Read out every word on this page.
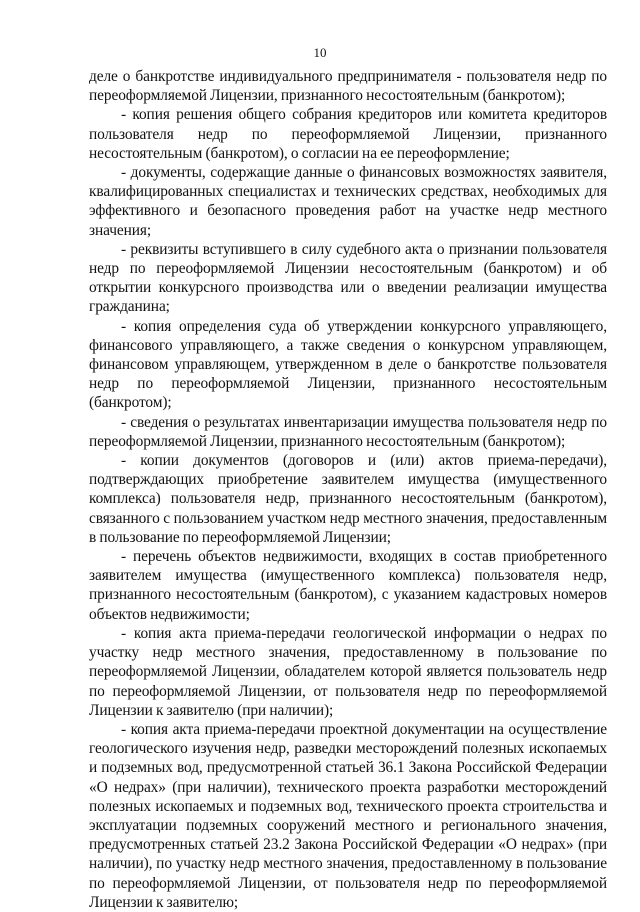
10

деле о банкротстве индивидуального предпринимателя - пользователя недр по переоформляемой Лицензии, признанного несостоятельным (банкротом);

- копия решения общего собрания кредиторов или комитета кредиторов пользователя недр по переоформляемой Лицензии, признанного несостоятельным (банкротом), о согласии на ее переоформление;

- документы, содержащие данные о финансовых возможностях заявителя, квалифицированных специалистах и технических средствах, необходимых для эффективного и безопасного проведения работ на участке недр местного значения;

- реквизиты вступившего в силу судебного акта о признании пользователя недр по переоформляемой Лицензии несостоятельным (банкротом) и об открытии конкурсного производства или о введении реализации имущества гражданина;

- копия определения суда об утверждении конкурсного управляющего, финансового управляющего, а также сведения о конкурсном управляющем, финансовом управляющем, утвержденном в деле о банкротстве пользователя недр по переоформляемой Лицензии, признанного несостоятельным (банкротом);

- сведения о результатах инвентаризации имущества пользователя недр по переоформляемой Лицензии, признанного несостоятельным (банкротом);

- копии документов (договоров и (или) актов приема-передачи), подтверждающих приобретение заявителем имущества (имущественного комплекса) пользователя недр, признанного несостоятельным (банкротом), связанного с пользованием участком недр местного значения, предоставленным в пользование по переоформляемой Лицензии;

- перечень объектов недвижимости, входящих в состав приобретенного заявителем имущества (имущественного комплекса) пользователя недр, признанного несостоятельным (банкротом), с указанием кадастровых номеров объектов недвижимости;

- копия акта приема-передачи геологической информации о недрах по участку недр местного значения, предоставленному в пользование по переоформляемой Лицензии, обладателем которой является пользователь недр по переоформляемой Лицензии, от пользователя недр по переоформляемой Лицензии к заявителю (при наличии);

- копия акта приема-передачи проектной документации на осуществление геологического изучения недр, разведки месторождений полезных ископаемых и подземных вод, предусмотренной статьей 36.1 Закона Российской Федерации «О недрах» (при наличии), технического проекта разработки месторождений полезных ископаемых и подземных вод, технического проекта строительства и эксплуатации подземных сооружений местного и регионального значения, предусмотренных статьей 23.2 Закона Российской Федерации «О недрах» (при наличии), по участку недр местного значения, предоставленному в пользование по переоформляемой Лицензии, от пользователя недр по переоформляемой Лицензии к заявителю;
